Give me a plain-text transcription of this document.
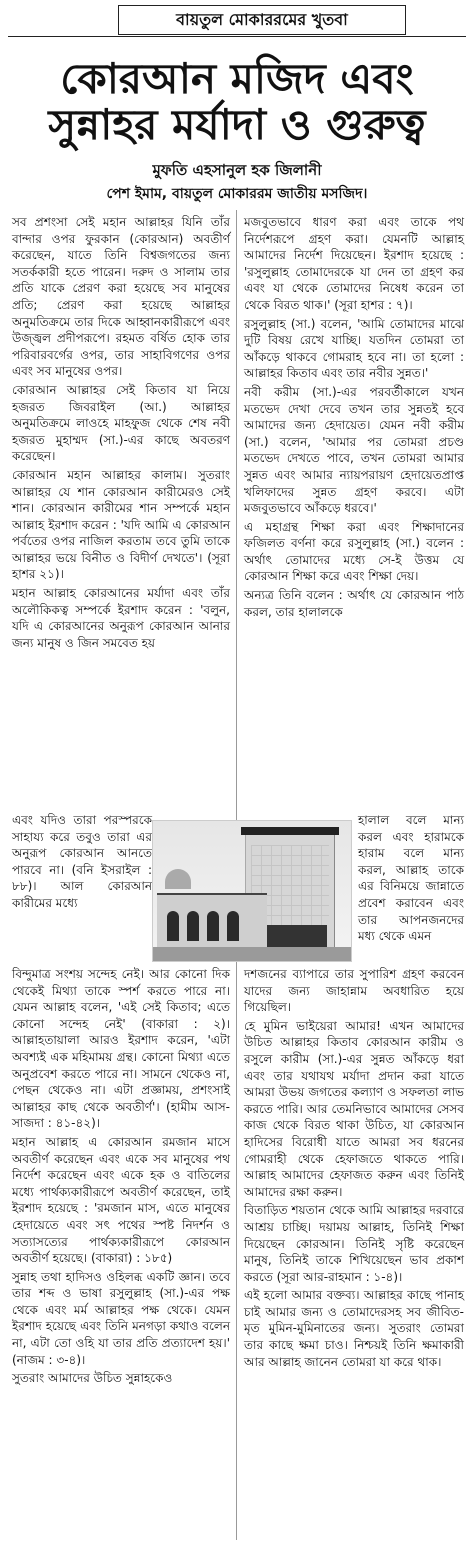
বায়তুল মোকাররমের খুতবা
কোরআন মজিদ এবং
সুন্নাহর মর্যাদা ও গুরুত্ব
মুফতি এহসানুল হক জিলানী
পেশ ইমাম, বায়তুল মোকাররম জাতীয় মসজিদ।

সব প্রশংসা সেই মহান আল্লাহর যিনি তাঁর বান্দার ওপর ফুরকান (কোরআন) অবতীর্ণ করেছেন, যাতে তিনি বিশ্বজগতের জন্য সতর্ককারী হতে পারেন। দরুদ ও সালাম তার প্রতি যাকে প্রেরণ করা হয়েছে সব মানুষের প্রতি; প্রেরণ করা হয়েছে আল্লাহর অনুমতিক্রমে তার দিকে আহ্বানকারীরূপে এবং উজ্জ্বল প্রদীপরূপে। রহমত বর্ষিত হোক তার পরিবারবর্গের ওপর, তার সাহাবিগণের ওপর এবং সব মানুষের ওপর।

কোরআন আল্লাহর সেই কিতাব যা নিয়ে হজরত জিবরাইল (আ.) আল্লাহর অনুমতিক্রমে লাওহে মাহফুজ থেকে শেষ নবী হজরত মুহাম্মদ (সা.)-এর কাছে অবতরণ করেছেন।

কোরআন মহান আল্লাহর কালাম। সুতরাং আল্লাহর যে শান কোরআন কারীমেরও সেই শান। কোরআন কারীমের শান সম্পর্কে মহান আল্লাহ ইরশাদ করেন : 'যদি আমি এ কোরআন পর্বতের ওপর নাজিল করতাম তবে তুমি তাকে আল্লাহর ভয়ে বিনীত ও বিদীর্ণ দেখতে'। (সূরা হাশর ২১)।

মহান আল্লাহ কোরআনের মর্যাদা এবং তাঁর অলৌকিকত্ব সম্পর্কে ইরশাদ করেন : 'বলুন, যদি এ কোরআনের অনুরূপ কোরআন আনার জন্য মানুষ ও জিন সমবেত হয়

এবং যদিও তারা পরস্পরকে সাহায্য করে তবুও তারা এর অনুরূপ কোরআন আনতে পারবে না। (বনি ইসরাইল : ৮৮)। আল কোরআন কারীমের মধ্যে
হালাল বলে মান্য করল এবং হারামকে হারাম বলে মান্য করল, আল্লাহ তাকে এর বিনিময়ে জান্নাতে প্রবেশ করাবেন এবং তার আপনজনদের মধ্য থেকে এমন

বিন্দুমাত্র সংশয় সন্দেহ নেই। আর কোনো দিক থেকেই মিথ্যা তাকে স্পর্শ করতে পারে না। যেমন আল্লাহ বলেন, 'এই সেই কিতাব; এতে কোনো সন্দেহ নেই' (বাকারা : ২)। আল্লাহতায়ালা আরও ইরশাদ করেন, 'এটা অবশ্যই এক মহিমাময় গ্রন্থ। কোনো মিথ্যা এতে অনুপ্রবেশ করতে পারে না। সামনে থেকেও না, পেছন থেকেও না। এটা প্রজ্ঞাময়, প্রশংসাই আল্লাহর কাছ থেকে অবতীর্ণ'। (হামীম আস-সাজদা : ৪১-৪২)।

মহান আল্লাহ এ কোরআন রমজান মাসে অবতীর্ণ করেছেন এবং একে সব মানুষের পথ নির্দেশ করেছেন এবং একে হক ও বাতিলের মধ্যে পার্থক্যকারীরূপে অবতীর্ণ করেছেন, তাই ইরশাদ হয়েছে : 'রমজান মাস, এতে মানুষের হেদায়েতে এবং সৎ পথের স্পষ্ট নিদর্শন ও সত্যাসত্যের পার্থক্যকারীরূপে কোরআন অবতীর্ণ হয়েছে। (বাকারা) : ১৮৫)

সুন্নাহ তথা হাদিসও ওহিলব্ধ একটি জ্ঞান। তবে তার শব্দ ও ভাষা রসুলুল্লাহ (সা.)-এর পক্ষ থেকে এবং মর্ম আল্লাহর পক্ষ থেকে। যেমন ইরশাদ হয়েছে এবং তিনি মনগড়া কথাও বলেন না, এটা তো ওহি যা তার প্রতি প্রত্যাদেশ হয়।' (নাজম : ৩-৪)।

সুতরাং আমাদের উচিত সুন্নাহকেও

মজবুতভাবে ধারণ করা এবং তাকে পথ নির্দেশরূপে গ্রহণ করা। যেমনটি আল্লাহ আমাদের নির্দেশ দিয়েছেন। ইরশাদ হয়েছে : 'রসুলুল্লাহ তোমাদেরকে যা দেন তা গ্রহণ কর এবং যা থেকে তোমাদের নিষেধ করেন তা থেকে বিরত থাক।' (সূরা হাশর : ৭)।

রসুলুল্লাহ (সা.) বলেন, 'আমি তোমাদের মাঝে দুটি বিষয় রেখে যাচ্ছি। যতদিন তোমরা তা আঁকড়ে থাকবে গোমরাহ হবে না। তা হলো : আল্লাহর কিতাব এবং তার নবীর সুন্নত।'

নবী করীম (সা.)-এর পরবর্তীকালে যখন মতভেদ দেখা দেবে তখন তার সুন্নতই হবে আমাদের জন্য হেদায়েত। যেমন নবী করীম (সা.) বলেন, 'আমার পর তোমরা প্রচণ্ড মতভেদ দেখতে পাবে, তখন তোমরা আমার সুন্নত এবং আমার ন্যায়পরায়ণ হেদায়েতপ্রাপ্ত খলিফাদের সুন্নত গ্রহণ করবে। এটা মজবুতভাবে আঁকড়ে ধরবে।'

এ মহাগ্রন্থ শিক্ষা করা এবং শিক্ষাদানের ফজিলত বর্ণনা করে রসুলুল্লাহ (সা.) বলেন : অর্থাৎ তোমাদের মধ্যে সে-ই উত্তম যে কোরআন শিক্ষা করে এবং শিক্ষা দেয়।

অন্যত্র তিনি বলেন : অর্থাৎ যে কোরআন পাঠ করল, তার হালালকে

দশজনের ব্যাপারে তার সুপারিশ গ্রহণ করবেন যাদের জন্য জাহান্নাম অবধারিত হয়ে গিয়েছিল।

হে মুমিন ভাইয়েরা আমার! এখন আমাদের উচিত আল্লাহর কিতাব কোরআন কারীম ও রসুলে কারীম (সা.)-এর সুন্নত আঁকড়ে ধরা এবং তার যথাযথ মর্যাদা প্রদান করা যাতে আমরা উভয় জগতের কল্যাণ ও সফলতা লাভ করতে পারি। আর তেমনিভাবে আমাদের সেসব কাজ থেকে বিরত থাকা উচিত, যা কোরআন হাদিসের বিরোধী যাতে আমরা সব ধরনের গোমরাহী থেকে হেফাজতে থাকতে পারি। আল্লাহ আমাদের হেফাজত করুন এবং তিনিই আমাদের রক্ষা করুন।

বিতাড়িত শয়তান থেকে আমি আল্লাহর দরবারে আশ্রয় চাচ্ছি। দয়াময় আল্লাহ, তিনিই শিক্ষা দিয়েছেন কোরআন। তিনিই সৃষ্টি করেছেন মানুষ, তিনিই তাকে শিখিয়েছেন ভাব প্রকাশ করতে (সূরা আর-রাহমান : ১-৪)।

এই হলো আমার বক্তব্য। আল্লাহর কাছে পানাহ চাই আমার জন্য ও তোমাদেরসহ সব জীবিত-মৃত মুমিন-মুমিনাতের জন্য। সুতরাং তোমরা তার কাছে ক্ষমা চাও। নিশ্চয়ই তিনি ক্ষমাকারী আর আল্লাহ জানেন তোমরা যা করে থাক।
